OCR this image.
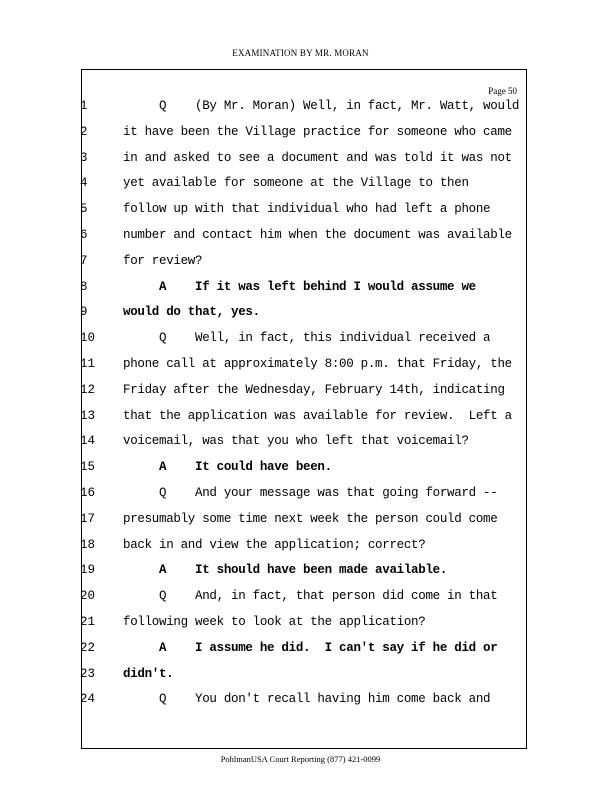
EXAMINATION BY MR. MORAN
Page 50
1	Q    (By Mr. Moran) Well, in fact, Mr. Watt, would
2	it have been the Village practice for someone who came
3	in and asked to see a document and was told it was not
4	yet available for someone at the Village to then
5	follow up with that individual who had left a phone
6	number and contact him when the document was available
7	for review?
8	A    If it was left behind I would assume we
9	would do that, yes.
10	Q    Well, in fact, this individual received a
11	phone call at approximately 8:00 p.m. that Friday, the
12	Friday after the Wednesday, February 14th, indicating
13	that the application was available for review.  Left a
14	voicemail, was that you who left that voicemail?
15	A    It could have been.
16	Q    And your message was that going forward --
17	presumably some time next week the person could come
18	back in and view the application; correct?
19	A    It should have been made available.
20	Q    And, in fact, that person did come in that
21	following week to look at the application?
22	A    I assume he did.  I can't say if he did or
23	didn't.
24	Q    You don't recall having him come back and
PohlmanUSA Court Reporting (877) 421-0099
